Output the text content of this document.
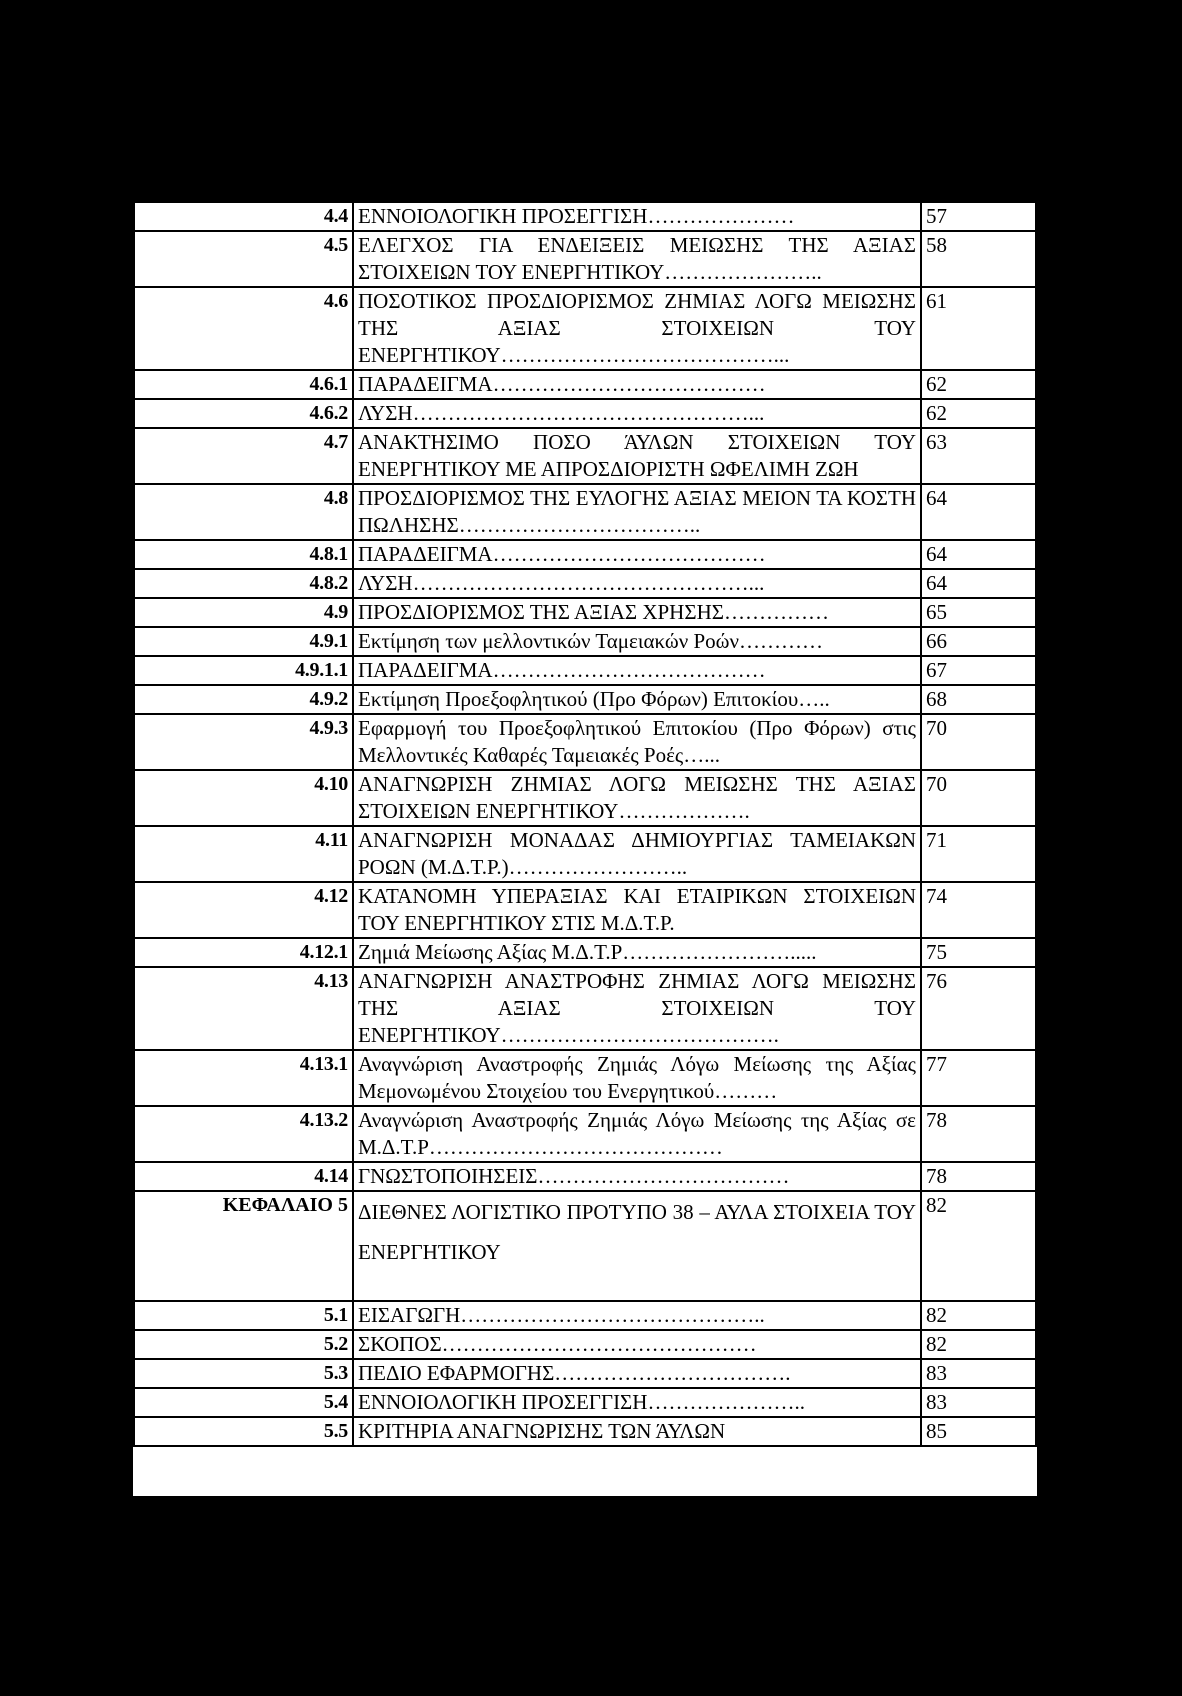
4.4	ΕΝΝΟΙΟΛΟΓΙΚΗ ΠΡΟΣΕΓΓΙΣΗ…………………	57
4.5	ΕΛΕΓΧΟΣ ΓΙΑ ΕΝΔΕΙΞΕΙΣ ΜΕΙΩΣΗΣ ΤΗΣ ΑΞΙΑΣ ΣΤΟΙΧΕΙΩΝ ΤΟΥ ΕΝΕΡΓΗΤΙΚΟΥ…………………..	58
4.6	ΠΟΣΟΤΙΚΟΣ ΠΡΟΣΔΙΟΡΙΣΜΟΣ ΖΗΜΙΑΣ ΛΟΓΩ ΜΕΙΩΣΗΣ ΤΗΣ ΑΞΙΑΣ ΣΤΟΙΧΕΙΩΝ ΤΟΥ ΕΝΕΡΓΗΤΙΚΟΥ…………………………………...	61
4.6.1	ΠΑΡΑΔΕΙΓΜΑ…………………………………	62
4.6.2	ΛΥΣΗ…………………………………………...	62
4.7	ΑΝΑΚΤΗΣΙΜΟ ΠΟΣΟ ΆΥΛΩΝ ΣΤΟΙΧΕΙΩΝ ΤΟΥ ΕΝΕΡΓΗΤΙΚΟΥ ΜΕ ΑΠΡΟΣΔΙΟΡΙΣΤΗ ΩΦΕΛΙΜΗ ΖΩΗ	63
4.8	ΠΡΟΣΔΙΟΡΙΣΜΟΣ ΤΗΣ ΕΥΛΟΓΗΣ ΑΞΙΑΣ ΜΕΙΟΝ ΤΑ ΚΟΣΤΗ ΠΩΛΗΣΗΣ……………………………..	64
4.8.1	ΠΑΡΑΔΕΙΓΜΑ…………………………………	64
4.8.2	ΛΥΣΗ…………………………………………...	64
4.9	ΠΡΟΣΔΙΟΡΙΣΜΟΣ ΤΗΣ ΑΞΙΑΣ ΧΡΗΣΗΣ……………	65
4.9.1	Εκτίμηση των μελλοντικών Ταμειακών Ροών…………	66
4.9.1.1	ΠΑΡΑΔΕΙΓΜΑ…………………………………	67
4.9.2	Εκτίμηση Προεξοφλητικού (Προ Φόρων) Επιτοκίου…..	68
4.9.3	Εφαρμογή του Προεξοφλητικού Επιτοκίου (Προ Φόρων) στις Μελλοντικές Καθαρές Ταμειακές Ροές…...	70
4.10	ΑΝΑΓΝΩΡΙΣΗ ΖΗΜΙΑΣ ΛΟΓΩ ΜΕΙΩΣΗΣ ΤΗΣ ΑΞΙΑΣ ΣΤΟΙΧΕΙΩΝ ΕΝΕΡΓΗΤΙΚΟΥ……………….	70
4.11	ΑΝΑΓΝΩΡΙΣΗ ΜΟΝΑΔΑΣ ΔΗΜΙΟΥΡΓΙΑΣ ΤΑΜΕΙΑΚΩΝ ΡΟΩΝ (Μ.Δ.Τ.Ρ.)……………………..	71
4.12	ΚΑΤΑΝΟΜΗ ΥΠΕΡΑΞΙΑΣ ΚΑΙ ΕΤΑΙΡΙΚΩΝ ΣΤΟΙΧΕΙΩΝ ΤΟΥ ΕΝΕΡΓΗΤΙΚΟΥ ΣΤΙΣ Μ.Δ.Τ.Ρ.	74
4.12.1	Ζημιά Μείωσης Αξίας Μ.Δ.Τ.Ρ…………………….....	75
4.13	ΑΝΑΓΝΩΡΙΣΗ ΑΝΑΣΤΡΟΦΗΣ ΖΗΜΙΑΣ ΛΟΓΩ ΜΕΙΩΣΗΣ ΤΗΣ ΑΞΙΑΣ ΣΤΟΙΧΕΙΩΝ ΤΟΥ ΕΝΕΡΓΗΤΙΚΟΥ………………………………….	76
4.13.1	Αναγνώριση Αναστροφής Ζημιάς Λόγω Μείωσης της Αξίας Μεμονωμένου Στοιχείου του Ενεργητικού………	77
4.13.2	Αναγνώριση Αναστροφής Ζημιάς Λόγω Μείωσης της Αξίας σε Μ.Δ.Τ.Ρ……………………………………	78
4.14	ΓΝΩΣΤΟΠΟΙΗΣΕΙΣ………………………………	78
ΚΕΦΑΛΑΙΟ 5	ΔΙΕΘΝΕΣ ΛΟΓΙΣΤΙΚΟ ΠΡΟΤΥΠΟ 38 – ΑΥΛΑ ΣΤΟΙΧΕΙΑ ΤΟΥ ΕΝΕΡΓΗΤΙΚΟΥ	82
5.1	ΕΙΣΑΓΩΓΗ……………………………………..	82
5.2	ΣΚΟΠΟΣ………………………………………	82
5.3	ΠΕΔΙΟ ΕΦΑΡΜΟΓΗΣ…………………………….	83
5.4	ΕΝΝΟΙΟΛΟΓΙΚΗ ΠΡΟΣΕΓΓΙΣΗ…………………..	83
5.5	ΚΡΙΤΗΡΙΑ ΑΝΑΓΝΩΡΙΣΗΣ ΤΩΝ ΆΥΛΩΝ	85
